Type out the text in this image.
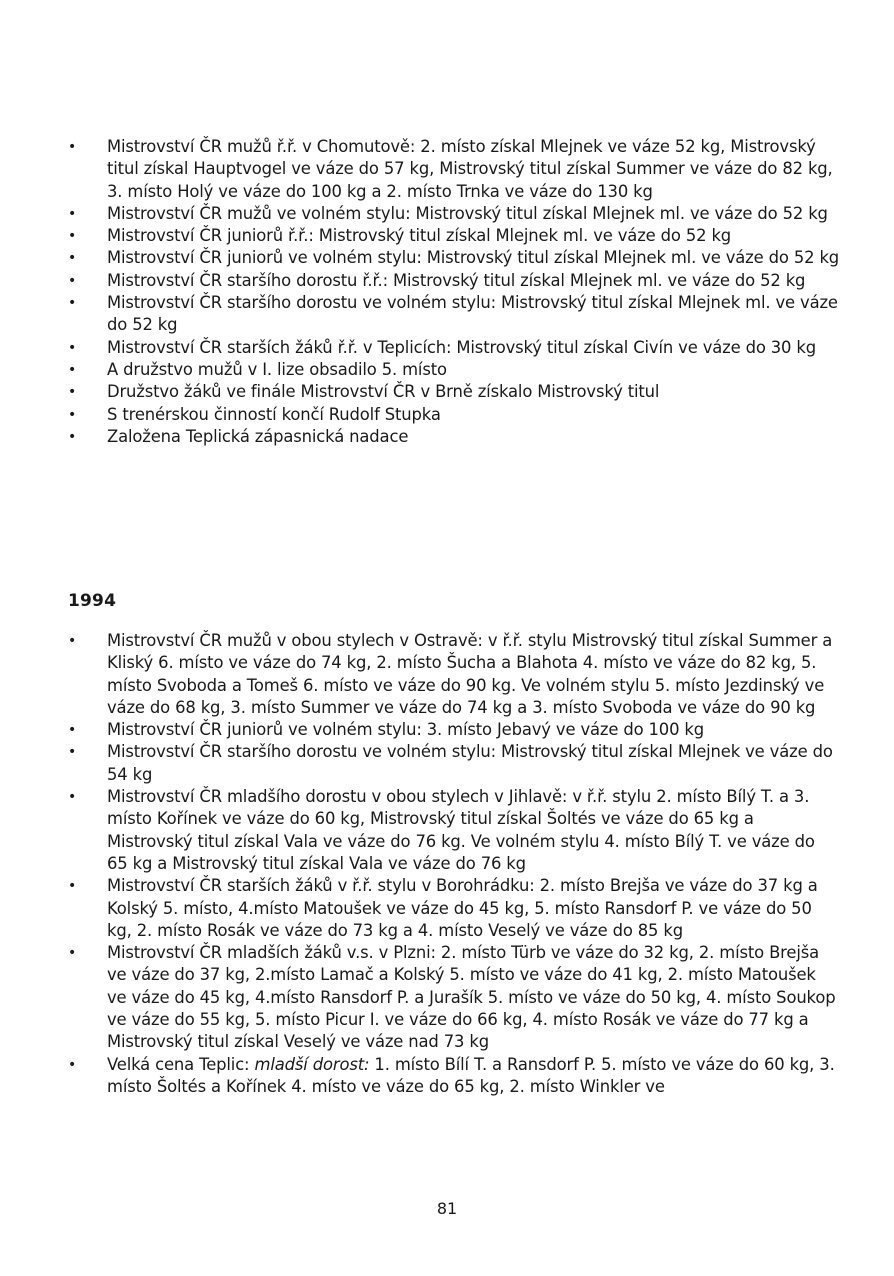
• Mistrovství ČR mužů ř.ř. v Chomutově: 2. místo získal Mlejnek ve váze 52 kg, Mistrovský titul získal Hauptvogel ve váze do 57 kg, Mistrovský titul získal Summer ve váze do 82 kg, 3. místo Holý ve váze do 100 kg a 2. místo Trnka ve váze do 130 kg
• Mistrovství ČR mužů ve volném stylu: Mistrovský titul získal Mlejnek ml. ve váze do 52 kg
• Mistrovství ČR juniorů ř.ř.: Mistrovský titul získal Mlejnek ml. ve váze do 52 kg
• Mistrovství ČR juniorů ve volném stylu: Mistrovský titul získal Mlejnek ml. ve váze do 52 kg
• Mistrovství ČR staršího dorostu ř.ř.: Mistrovský titul získal Mlejnek ml. ve váze do 52 kg
• Mistrovství ČR staršího dorostu ve volném stylu: Mistrovský titul získal Mlejnek ml. ve váze do 52 kg
• Mistrovství ČR starších žáků ř.ř. v Teplicích: Mistrovský titul získal Civín ve váze do 30 kg
• A družstvo mužů v I. lize obsadilo 5. místo
• Družstvo žáků ve finále Mistrovství ČR v Brně získalo Mistrovský titul
• S trenérskou činností končí Rudolf Stupka
• Založena Teplická zápasnická nadace
1994
• Mistrovství ČR mužů v obou stylech v Ostravě: v ř.ř. stylu Mistrovský titul získal Summer a Kliský 6. místo ve váze do 74 kg, 2. místo Šucha a Blahota 4. místo ve váze do 82 kg, 5. místo Svoboda a Tomeš 6. místo ve váze do 90 kg. Ve volném stylu 5. místo Jezdinský ve váze do 68 kg, 3. místo Summer ve váze do 74 kg a 3. místo Svoboda ve váze do 90 kg
• Mistrovství ČR juniorů ve volném stylu: 3. místo Jebavý ve váze do 100 kg
• Mistrovství ČR staršího dorostu ve volném stylu: Mistrovský titul získal Mlejnek ve váze do 54 kg
• Mistrovství ČR mladšího dorostu v obou stylech v Jihlavě: v ř.ř. stylu 2. místo Bílý T. a 3. místo Kořínek ve váze do 60 kg, Mistrovský titul získal Šoltés ve váze do 65 kg a Mistrovský titul získal Vala ve váze do 76 kg. Ve volném stylu 4. místo Bílý T. ve váze do 65 kg a Mistrovský titul získal Vala ve váze do 76 kg
• Mistrovství ČR starších žáků v ř.ř. stylu v Borohrádku: 2. místo Brejša ve váze do 37 kg a Kolský 5. místo, 4.místo Matoušek ve váze do 45 kg, 5. místo Ransdorf P. ve váze do 50 kg, 2. místo Rosák ve váze do 73 kg a 4. místo Veselý ve váze do 85 kg
• Mistrovství ČR mladších žáků v.s. v Plzni: 2. místo Türb ve váze do 32 kg, 2. místo Brejša ve váze do 37 kg, 2.místo Lamač a Kolský 5. místo ve váze do 41 kg, 2. místo Matoušek ve váze do 45 kg, 4.místo Ransdorf P. a Jurašík 5. místo ve váze do 50 kg, 4. místo Soukop ve váze do 55 kg, 5. místo Picur I. ve váze do 66 kg, 4. místo Rosák ve váze do 77 kg a Mistrovský titul získal Veselý ve váze nad 73 kg
• Velká cena Teplic: mladší dorost: 1. místo Bílí T. a Ransdorf P. 5. místo ve váze do 60 kg, 3. místo Šoltés a Kořínek 4. místo ve váze do 65 kg, 2. místo Winkler ve
81
